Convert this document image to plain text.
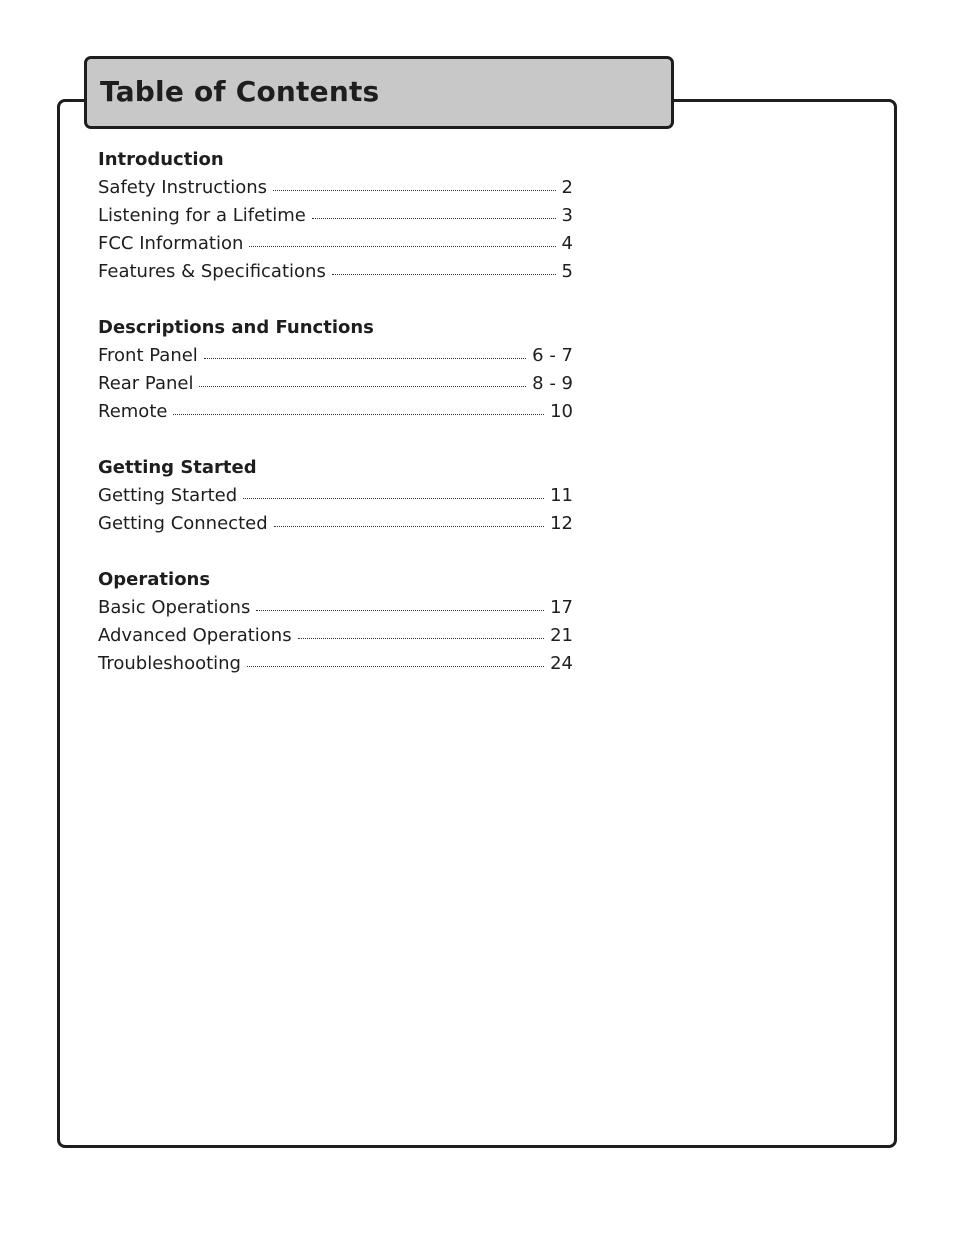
Table of Contents
Introduction
Safety Instructions	2
Listening for a Lifetime	3
FCC Information	4
Features & Specifications	5
Descriptions and Functions
Front Panel	6 - 7
Rear Panel	8 - 9
Remote	10
Getting Started
Getting Started	11
Getting Connected	12
Operations
Basic Operations	17
Advanced Operations	21
Troubleshooting	24
